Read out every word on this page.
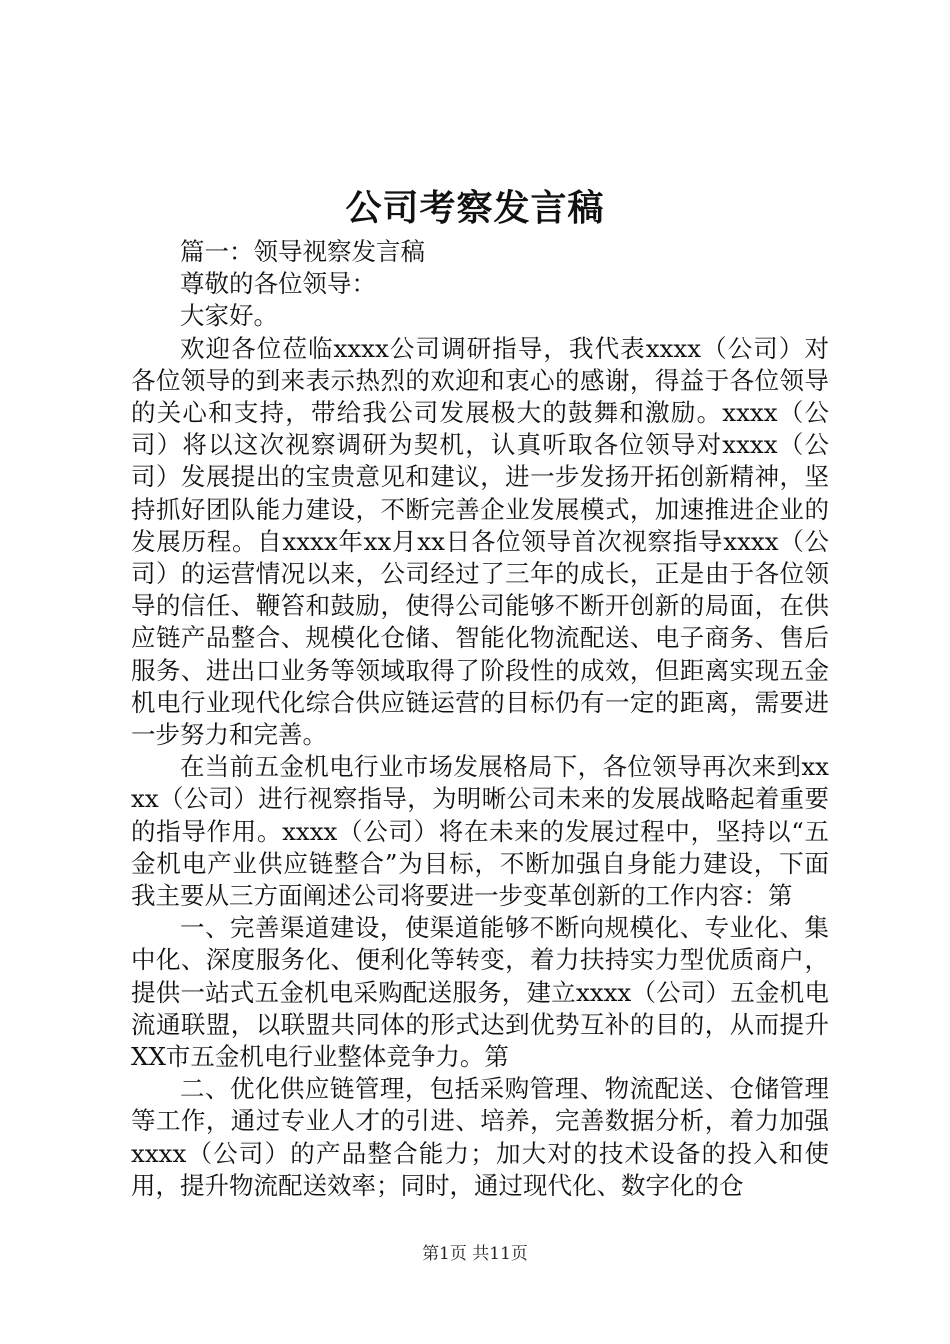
公司考察发言稿

篇一：领导视察发言稿

尊敬的各位领导：

大家好。

欢迎各位莅临xxxx公司调研指导，我代表xxxx（公司）对各位领导的到来表示热烈的欢迎和衷心的感谢，得益于各位领导的关心和支持，带给我公司发展极大的鼓舞和激励。xxxx（公司）将以这次视察调研为契机，认真听取各位领导对xxxx（公司）发展提出的宝贵意见和建议，进一步发扬开拓创新精神，坚持抓好团队能力建设，不断完善企业发展模式，加速推进企业的发展历程。自xxxx年xx月xx日各位领导首次视察指导xxxx（公司）的运营情况以来，公司经过了三年的成长，正是由于各位领导的信任、鞭笞和鼓励，使得公司能够不断开创新的局面，在供应链产品整合、规模化仓储、智能化物流配送、电子商务、售后服务、进出口业务等领域取得了阶段性的成效，但距离实现五金机电行业现代化综合供应链运营的目标仍有一定的距离，需要进一步努力和完善。

在当前五金机电行业市场发展格局下，各位领导再次来到xxxx（公司）进行视察指导，为明晰公司未来的发展战略起着重要的指导作用。xxxx（公司）将在未来的发展过程中，坚持以“五金机电产业供应链整合”为目标，不断加强自身能力建设，下面我主要从三方面阐述公司将要进一步变革创新的工作内容：第

一、完善渠道建设，使渠道能够不断向规模化、专业化、集中化、深度服务化、便利化等转变，着力扶持实力型优质商户，提供一站式五金机电采购配送服务，建立xxxx（公司）五金机电流通联盟，以联盟共同体的形式达到优势互补的目的，从而提升XX市五金机电行业整体竞争力。第

二、优化供应链管理，包括采购管理、物流配送、仓储管理等工作，通过专业人才的引进、培养，完善数据分析，着力加强xxxx（公司）的产品整合能力；加大对的技术设备的投入和使用，提升物流配送效率；同时，通过现代化、数字化的仓

第1页 共11页
